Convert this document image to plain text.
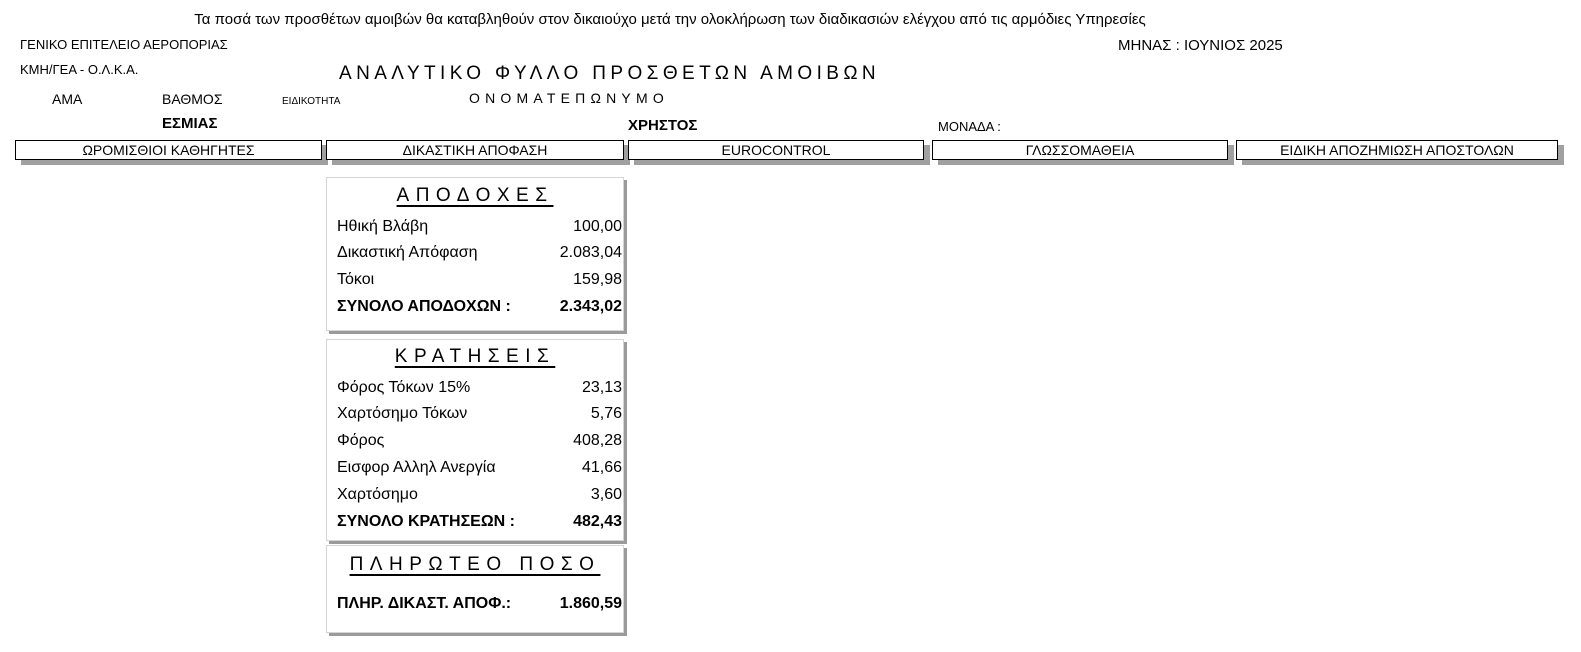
Τα ποσά των προσθέτων αμοιβών θα καταβληθούν στον δικαιούχο μετά την ολοκλήρωση των διαδικασιών ελέγχου από τις αρμόδιες Υπηρεσίες
ΓΕΝΙΚΟ ΕΠΙΤΕΛΕΙΟ ΑΕΡΟΠΟΡΙΑΣ
ΚΜΗ/ΓΕΑ - Ο.Λ.Κ.Α.
ΜΗΝΑΣ : ΙΟΥΝΙΟΣ 2025
ΑΝΑΛΥΤΙΚΟ ΦΥΛΛΟ ΠΡΟΣΘΕΤΩΝ ΑΜΟΙΒΩΝ
ΑΜΑ	ΒΑΘΜΟΣ	ΕΙΔΙΚΟΤΗΤΑ	ΟΝΟΜΑΤΕΠΩΝΥΜΟ
ΕΣΜΙΑΣ	ΧΡΗΣΤΟΣ	ΜΟΝΑΔΑ :
ΩΡΟΜΙΣΘΙΟΙ ΚΑΘΗΓΗΤΕΣ	ΔΙΚΑΣΤΙΚΗ ΑΠΟΦΑΣΗ	EUROCONTROL	ΓΛΩΣΣΟΜΑΘΕΙΑ	ΕΙΔΙΚΗ ΑΠΟΖΗΜΙΩΣΗ ΑΠΟΣΤΟΛΩΝ
ΑΠΟΔΟΧΕΣ
Ηθική Βλάβη	100,00
Δικαστική Απόφαση	2.083,04
Τόκοι	159,98
ΣΥΝΟΛΟ ΑΠΟΔΟΧΩΝ :	2.343,02
ΚΡΑΤΗΣΕΙΣ
Φόρος Τόκων 15%	23,13
Χαρτόσημο Τόκων	5,76
Φόρος	408,28
Εισφορ Αλληλ Ανεργία	41,66
Χαρτόσημο	3,60
ΣΥΝΟΛΟ ΚΡΑΤΗΣΕΩΝ :	482,43
ΠΛΗΡΩΤΕΟ ΠΟΣΟ
ΠΛΗΡ. ΔΙΚΑΣΤ. ΑΠΟΦ.:	1.860,59
